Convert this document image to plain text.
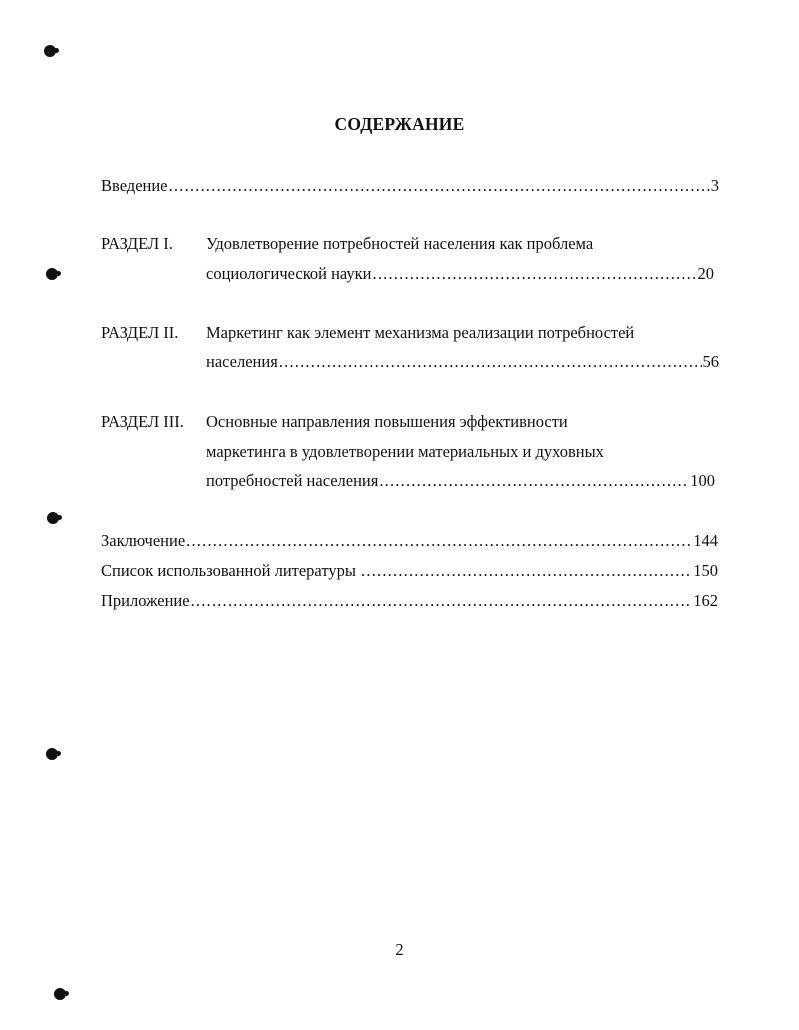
СОДЕРЖАНИЕ
Введение .....	3
РАЗДЕЛ I. Удовлетворение потребностей населения как проблема
социологической науки .....	20
РАЗДЕЛ II. Маркетинг как элемент механизма реализации потребностей
населения .....	56
РАЗДЕЛ III. Основные направления повышения эффективности
маркетинга в удовлетворении материальных и духовных
потребностей населения .....	100
Заключение .....	144
Список использованной литературы .....	150
Приложение .....	162
2
